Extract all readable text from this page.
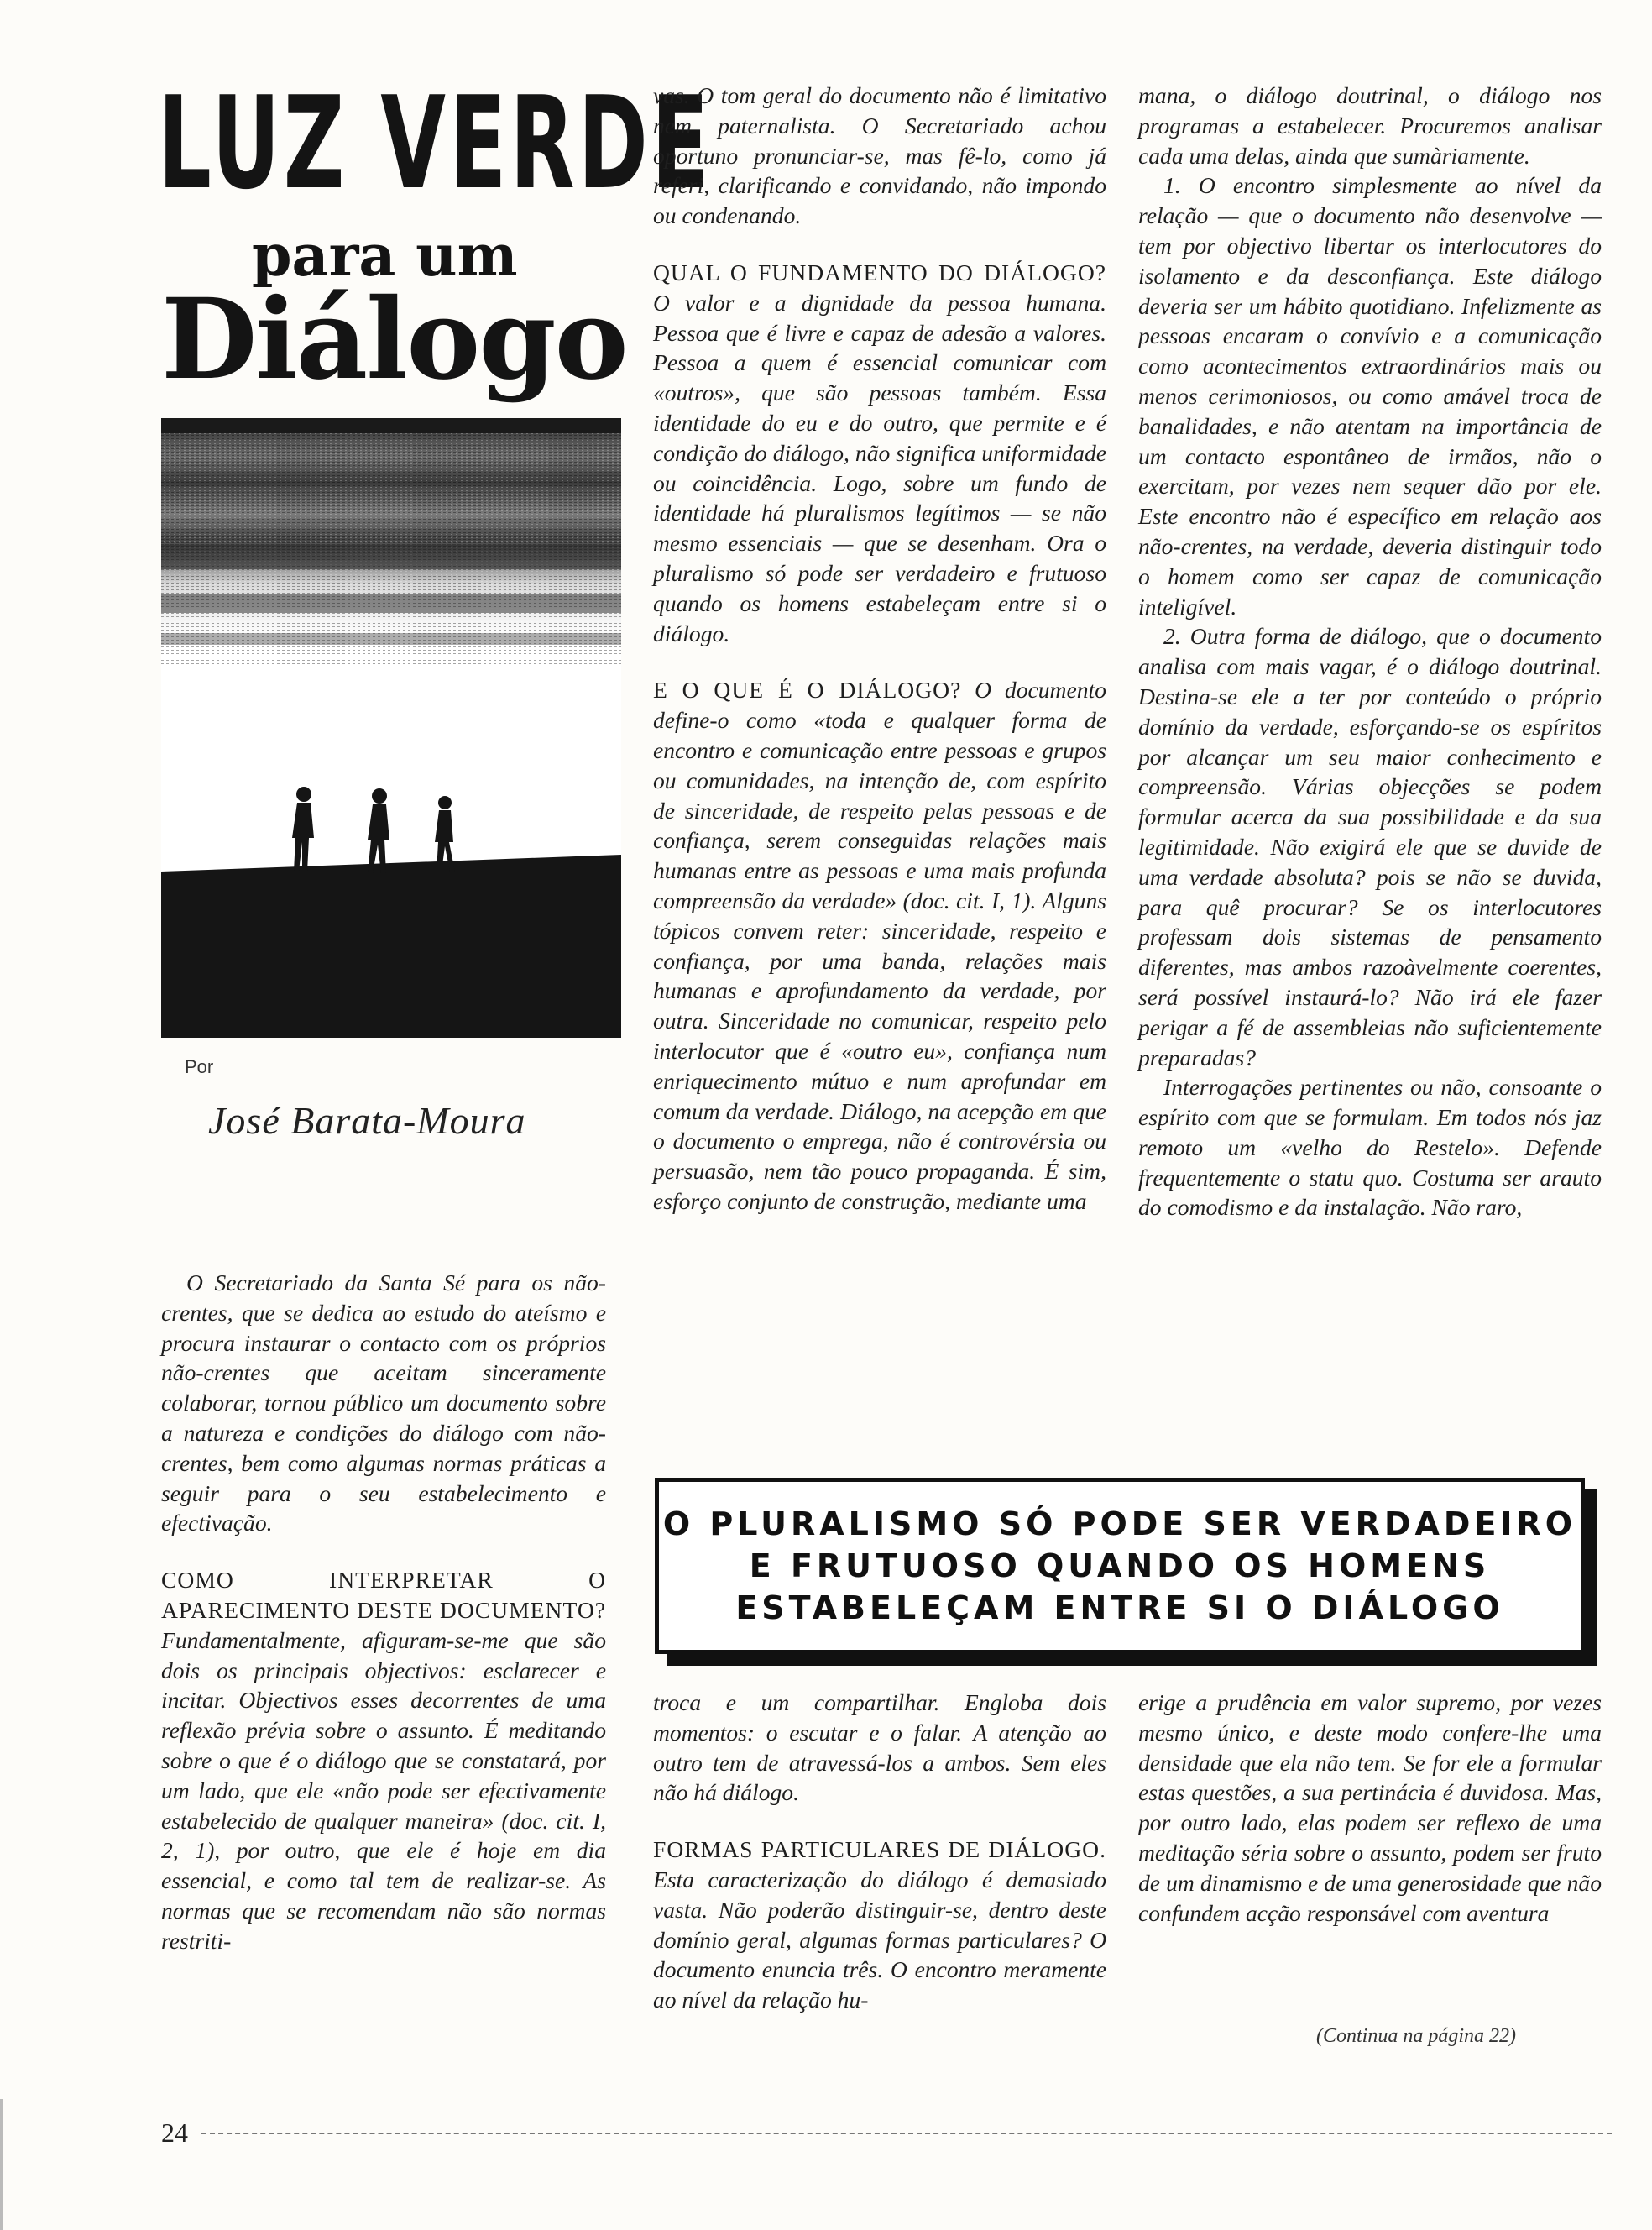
LUZ VERDE
para um
Diálogo
Por
José Barata-Moura

O Secretariado da Santa Sé para os não-crentes, que se dedica ao estudo do ateísmo e procura instaurar o contacto com os próprios não-crentes que aceitam sinceramente colaborar, tornou público um documento sobre a natureza e condições do diálogo com não-crentes, bem como algumas normas práticas a seguir para o seu estabelecimento e efectivação.

COMO INTERPRETAR O APARECIMENTO DESTE DOCUMENTO? Fundamentalmente, afiguram-se-me que são dois os principais objectivos: esclarecer e incitar. Objectivos esses decorrentes de uma reflexão prévia sobre o assunto. É meditando sobre o que é o diálogo que se constatará, por um lado, que ele «não pode ser efectivamente estabelecido de qualquer maneira» (doc. cit. I, 2, 1), por outro, que ele é hoje em dia essencial, e como tal tem de realizar-se. As normas que se recomendam não são normas restriti-

vas. O tom geral do documento não é limitativo nem paternalista. O Secretariado achou oportuno pronunciar-se, mas fê-lo, como já referi, clarificando e convidando, não impondo ou condenando.

QUAL O FUNDAMENTO DO DIÁLOGO? O valor e a dignidade da pessoa humana. Pessoa que é livre e capaz de adesão a valores. Pessoa a quem é essencial comunicar com «outros», que são pessoas também. Essa identidade do eu e do outro, que permite e é condição do diálogo, não significa uniformidade ou coincidência. Logo, sobre um fundo de identidade há pluralismos legítimos — se não mesmo essenciais — que se desenham. Ora o pluralismo só pode ser verdadeiro e frutuoso quando os homens estabeleçam entre si o diálogo.

E O QUE É O DIÁLOGO? O documento define-o como «toda e qualquer forma de encontro e comunicação entre pessoas e grupos ou comunidades, na intenção de, com espírito de sinceridade, de respeito pelas pessoas e de confiança, serem conseguidas relações mais humanas entre as pessoas e uma mais profunda compreensão da verdade» (doc. cit. I, 1). Alguns tópicos convem reter: sinceridade, respeito e confiança, por uma banda, relações mais humanas e aprofundamento da verdade, por outra. Sinceridade no comunicar, respeito pelo interlocutor que é «outro eu», confiança num enriquecimento mútuo e num aprofundar em comum da verdade. Diálogo, na acepção em que o documento o emprega, não é controvérsia ou persuasão, nem tão pouco propaganda. É sim, esforço conjunto de construção, mediante uma

mana, o diálogo doutrinal, o diálogo nos programas a estabelecer. Procuremos analisar cada uma delas, ainda que sumàriamente.

1. O encontro simplesmente ao nível da relação — que o documento não desenvolve — tem por objectivo libertar os interlocutores do isolamento e da desconfiança. Este diálogo deveria ser um hábito quotidiano. Infelizmente as pessoas encaram o convívio e a comunicação como acontecimentos extraordinários mais ou menos cerimoniosos, ou como amável troca de banalidades, e não atentam na importância de um contacto espontâneo de irmãos, não o exercitam, por vezes nem sequer dão por ele. Este encontro não é específico em relação aos não-crentes, na verdade, deveria distinguir todo o homem como ser capaz de comunicação inteligível.

2. Outra forma de diálogo, que o documento analisa com mais vagar, é o diálogo doutrinal. Destina-se ele a ter por conteúdo o próprio domínio da verdade, esforçando-se os espíritos por alcançar um seu maior conhecimento e compreensão. Várias objecções se podem formular acerca da sua possibilidade e da sua legitimidade. Não exigirá ele que se duvide de uma verdade absoluta? pois se não se duvida, para quê procurar? Se os interlocutores professam dois sistemas de pensamento diferentes, mas ambos razoàvelmente coerentes, será possível instaurá-lo? Não irá ele fazer perigar a fé de assembleias não suficientemente preparadas?

Interrogações pertinentes ou não, consoante o espírito com que se formulam. Em todos nós jaz remoto um «velho do Restelo». Defende frequentemente o statu quo. Costuma ser arauto do comodismo e da instalação. Não raro,

O PLURALISMO SÓ PODE SER VERDADEIRO
E FRUTUOSO QUANDO OS HOMENS
ESTABELEÇAM ENTRE SI O DIÁLOGO

troca e um compartilhar. Engloba dois momentos: o escutar e o falar. A atenção ao outro tem de atravessá-los a ambos. Sem eles não há diálogo.

FORMAS PARTICULARES DE DIÁLOGO. Esta caracterização do diálogo é demasiado vasta. Não poderão distinguir-se, dentro deste domínio geral, algumas formas particulares? O documento enuncia três. O encontro meramente ao nível da relação hu-

erige a prudência em valor supremo, por vezes mesmo único, e deste modo confere-lhe uma densidade que ela não tem. Se for ele a formular estas questões, a sua pertinácia é duvidosa. Mas, por outro lado, elas podem ser reflexo de uma meditação séria sobre o assunto, podem ser fruto de um dinamismo e de uma generosidade que não confundem acção responsável com aventura

(Continua na página 22)
24
